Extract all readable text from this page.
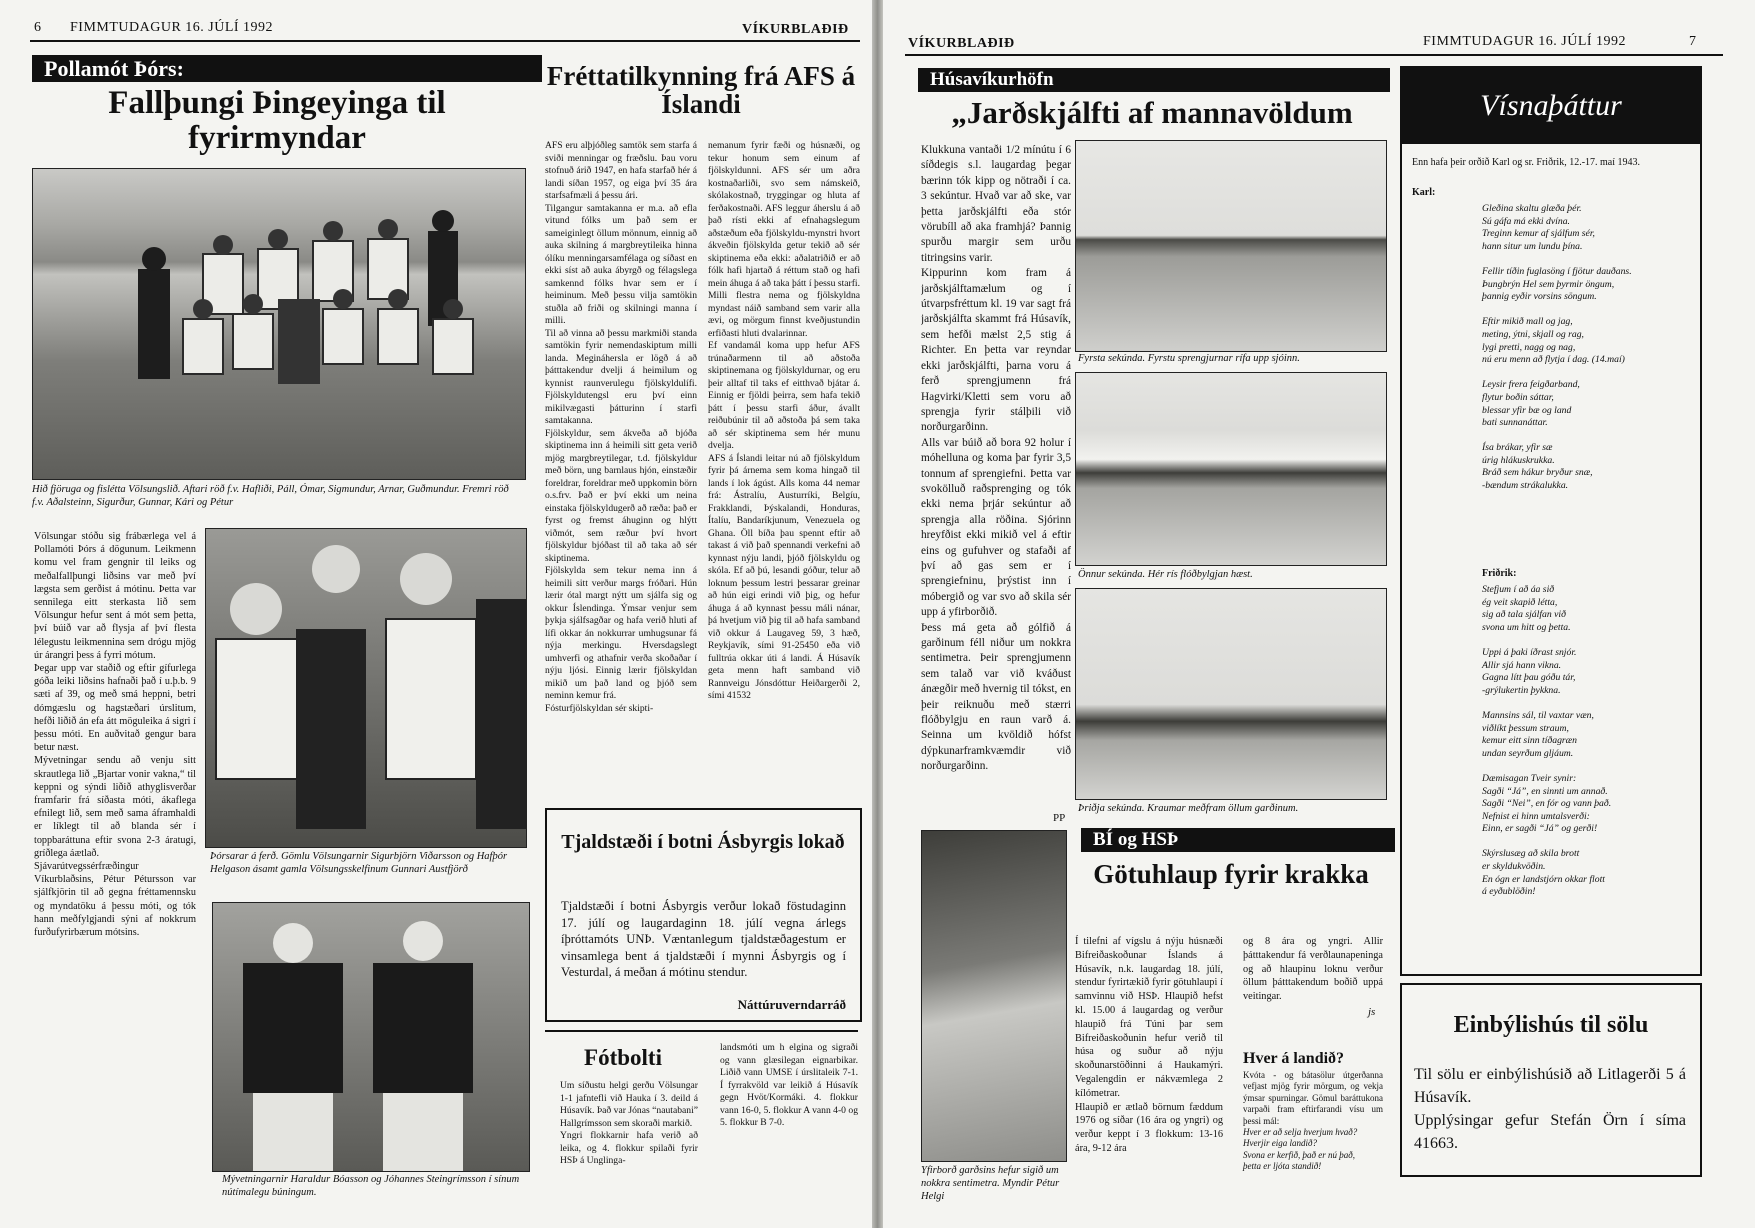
6 FIMMTUDAGUR 16. JÚLÍ 1992	VÍKURBLAÐIÐ
Pollamót Þórs:
Fallþungi Þingeyinga til fyrirmyndar
Hið fjöruga og fisléttа Völsungslið. Aftari röð f.v. Hafliði, Páll, Ómar, Sigmundur, Arnar, Guðmundur. Fremri röð f.v. Aðalsteinn, Sigurður, Gunnar, Kári og Pétur
Völsungar stóðu sig frábærlega vel á Pollamóti Þórs á dögunum. Leikmenn komu vel fram gengnir til leiks og meðalfallþungi liðsins var með því lægsta sem gerðist á mótinu. Þetta var sennilega eitt sterkasta lið sem Völsungur hefur sent á mót sem þetta, því búið var að flysja af því flesta lélegustu leikmennina sem drógu mjög úr árangri þess á fyrri mótum.
Þegar upp var staðið og eftir gífurlega góða leiki liðsins hafnaði það í u.þ.b. 9 sæti af 39, og með smá heppni, betri dómgæslu og hagstæðari úrslitum, hefði liðið án efa átt möguleika á sigri í þessu móti. En auðvitað gengur bara betur næst.
Mývetningar sendu að venju sitt skrautlega lið „Bjartar vonir vakna,“ til keppni og sýndi liðið athyglisverðar framfarir frá síðasta móti, ákaflega efnilegt lið, sem með sama áframhaldi er líklegt til að blanda sér í toppbaráttuna eftir svona 2-3 áratugi, gríðlega áætlað.
Sjávarútvegssérfræðingur Víkurblaðsins, Pétur Pétursson var sjálfkjörin til að gegna fréttamennsku og myndatöku á þessu móti, og tók hann meðfylgjandi sýni af nokkrum furðufyrirbærum mótsins.
Þórsarar á ferð. Gömlu Völsungarnir Sigurbjörn Viðarsson og Hafþór Helgason ásamt gamla Völsungsskelfinum Gunnari Austfjörð
Mývetningarnir Haraldur Bóasson og Jóhannes Steingrímsson í sínum nútímalegu búningum.
Fréttatilkynning frá AFS á Íslandi
AFS eru alþjóðleg samtök sem starfa á sviði menningar og fræðslu. Þau voru stofnuð árið 1947, en hafa starfað hér á landi síðan 1957, og eiga því 35 ára starfsafmæli á þessu ári.
Tilgangur samtakanna er m.a. að efla vitund fólks um það sem er sameiginlegt öllum mönnum, einnig að auka skilning á margbreytileika hinna ólíku menningarsamfélaga og síðast en ekki síst að auka ábyrgð og félagslega samkennd fólks hvar sem er í heiminum. Með þessu vilja samtökin stuðla að friði og skilningi manna í milli.
Til að vinna að þessu markmiði standa samtökin fyrir nemendaskiptum milli landa. Megináhersla er lögð á að þátttakendur dvelji á heimilum og kynnist raunverulegu fjölskyldulífi. Fjölskyldutengsl eru því einn mikilvægasti þátturinn í starfi samtakanna.
Fjölskyldur, sem ákveða að bjóða skiptinema inn á heimili sitt geta verið mjög margbreytilegar, t.d. fjölskyldur með börn, ung barnlaus hjón, einstæðir foreldrar, foreldrar með uppkomin börn o.s.frv. Það er því ekki um neina einstaka fjölskyldugerð að ræða: það er fyrst og fremst áhuginn og hlýtt viðmót, sem ræður því hvort fjölskyldur bjóðast til að taka að sér skiptinema.
Fjölskylda sem tekur nema inn á heimili sitt verður margs fróðari. Hún lærir ótal margt nýtt um sjálfa sig og okkur Íslendinga. Ýmsar venjur sem þykja sjálfsagðar og hafa verið hluti af lífi okkar án nokkurrar umhugsunar fá nýja merkingu. Hversdagslegt umhverfi og athafnir verða skoðaðar í nýju ljósi. Einnig lærir fjölskyldan mikið um það land og þjóð sem neminn kemur frá.
Fósturfjölskyldan sér skipti-
nemanum fyrir fæði og húsnæði, og tekur honum sem einum af fjölskyldunni. AFS sér um aðra kostnaðarliði, svo sem námskeið, skólakostnað, tryggingar og hluta af ferðakostnaði. AFS leggur áherslu á að það rísti ekki af efnahagslegum aðstæðum eða fjölskyldu-mynstri hvort ákveðin fjölskylda getur tekið að sér skiptinema eða ekki: aðalatriðið er að fólk hafi hjartað á réttum stað og hafi mein áhuga á að taka þátt í þessu starfi. Milli flestra nema og fjölskyldna myndast náið samband sem varir alla ævi, og mörgum finnst kveðjustundin erfiðasti hluti dvalarinnar.
Ef vandamál koma upp hefur AFS trúnaðarmenn til að aðstoða skiptinemana og fjölskyldurnar, og eru þeir alltaf til taks ef eitthvað bjátar á. Einnig er fjöldi þeirra, sem hafa tekið þátt í þessu starfi áður, ávallt reiðubúnir til að aðstoða þá sem taka að sér skiptinema sem hér munu dvelja.
AFS á Íslandi leitar nú að fjölskyldum fyrir þá árnema sem koma hingað til lands í lok ágúst. Alls koma 44 nemar frá: Ástralíu, Austurríki, Belgíu, Frakklandi, Þýskalandi, Honduras, Ítalíu, Bandaríkjunum, Venezuela og Ghana. Öll bíða þau spennt eftir að takast á við það spennandi verkefni að kynnast nýju landi, þjóð fjölskyldu og skóla. Ef að þú, lesandi góður, telur að loknum þessum lestri þessarar greinar að hún eigi erindi við þig, og hefur áhuga á að kynnast þessu máli nánar, þá hvetjum við þig til að hafa samband við okkur á Laugaveg 59, 3 hæð, Reykjavík, sími 91-25450 eða við fulltrúa okkar úti á landi. Á Húsavík geta menn haft samband við Rannveigu Jónsdóttur Heiðargerði 2, sími 41532
Tjaldstæði í botni Ásbyrgis lokað
Tjaldstæði í botni Ásbyrgis verður lokað föstudaginn 17. júlí og laugardaginn 18. júlí vegna árlegs íþróttamóts UNÞ. Væntanlegum tjaldstæðagestum er vinsamlega bent á tjaldstæði í mynni Ásbyrgis og í Vesturdal, á meðan á mótinu stendur.
Náttúruverndarráð
Fótbolti
Um síðustu helgi gerðu Völsungar 1-1 jafntefli við Hauka í 3. deild á Húsavík. Það var Jónas “nautabani” Hallgrímsson sem skoraði markið.
Yngri flokkarnir hafa verið að leika, og 4. flokkur spilaði fyrir HSÞ á Unglinga-
landsmóti um h elgina og sigraði og vann glæsilegan eignarbikar. Liðið vann UMSE í úrslitaleik 7-1. Í fyrrakvöld var leikið á Húsavík gegn Hvöt/Kormáki. 4. flokkur vann 16-0, 5. flokkur A vann 4-0 og 5. flokkur B 7-0.
VÍKURBLAÐIÐ	FIMMTUDAGUR 16. JÚLÍ 1992	7
Húsavíkurhöfn
„Jarðskjálfti af mannavöldum
Klukkuna vantaði 1/2 mínútu í 6 síðdegis s.l. laugardag þegar bærinn tók kipp og nötraði í ca. 3 sekúntur. Hvað var að ske, var þetta jarðskjálfti eða stór vörubíll að aka framhjá? Þannig spurðu margir sem urðu titringsins varir.
Kippurinn kom fram á jarðskjálftamælum og í útvarpsfréttum kl. 19 var sagt frá jarðskjálfta skammt frá Húsavík, sem hefði mælst 2,5 stig á Richter. En þetta var reyndar ekki jarðskjálfti, þarna voru á ferð sprengjumenn frá Hagvirki/Kletti sem voru að sprengja fyrir stálþili við norðurgarðinn.
Alls var búið að bora 92 holur í móhelluna og koma þar fyrir 3,5 tonnum af sprengiefni. Þetta var svokölluð raðsprenging og tók ekki nema þrjár sekúntur að sprengja alla röðina. Sjórinn hreyfðist ekki mikið vel á eftir eins og gufuhver og stafaði af því að gas sem er í sprengiefninu, þrýstist inn í móbergið og var svo að skila sér upp á yfirborðið.
Þess má geta að gólfið á garðinum féll niður um nokkra sentimetra. Þeir sprengjumenn sem talað var við kváðust ánægðir með hvernig til tókst, en þeir reiknuðu með stærri flóðbylgju en raun varð á. Seinna um kvöldið hófst dýpkunarframkvæmdir við norðurgarðinn.
PP
Fyrsta sekúnda. Fyrstu sprengjurnar rífa upp sjóinn.
Önnur sekúnda. Hér rís flóðbylgjan hæst.
Þriðja sekúnda. Kraumar meðfram öllum garðinum.
Yfirborð garðsins hefur sigið um nokkra sentimetra. Myndir Pétur Helgi
BÍ og HSÞ
Götuhlaup fyrir krakka
Í tilefni af vígslu á nýju húsnæði Bifreiðaskoðunar Íslands á Húsavík, n.k. laugardag 18. júlí, stendur fyrirtækið fyrir götuhlaupi í samvinnu við HSÞ. Hlaupið hefst kl. 15.00 á laugardag og verður hlaupið frá Túni þar sem Bifreiðaskoðunin hefur verið til húsa og suður að nýju skoðunarstöðinni á Haukamýri. Vegalengdin er nákvæmlega 2 kílómetrar.
Hlaupið er ætlað börnum fæddum 1976 og síðar (16 ára og yngri) og verður keppt í 3 flokkum: 13-16 ára, 9-12 ára
og 8 ára og yngri. Allir þátttakendur fá verðlaunapeninga og að hlaupinu loknu verður öllum þátttakendum boðið uppá veitingar.
js
Hver á landið?
Kvóta - og bátasölur útgerðanna vefjast mjög fyrir mörgum, og vekja ýmsar spurningar. Gömul baráttukona varpaði fram eftirfarandi vísu um þessi mál:
Hver er að selja hverjum hvað?
Hverjir eiga landið?
Svona er kerfið, það er nú það,
þetta er ljóta standið!
Vísnaþáttur
Enn hafa þeir orðið Karl og sr. Friðrik, 12.-17. maí 1943.
Karl:
Gleðina skaltu glæða þér.
Sú gáfa má ekki dvína.
Treginn kemur af sjálfum sér,
hann situr um lundu þína.

Fellir tíðin fuglasöng í fjötur dauðans.
Þungbrýn Hel sem þyrmir öngum,
þannig eyðir vorsins söngum.

Eftir mikið mall og jag,
meting, ýtni, skjall og rag,
lygi pretti, nagg og nag,
nú eru menn að flytja í dag. (14.maí)

Leysir frera feigðarband,
flytur boðin sáttar,
blessar yfir bæ og land
bati sunnanáttar.

Ísa brákar, yfir sæ
úrig hlákuskrukka.
Bráð sem hákur bryður snæ,
-bændum strákalukka.
Friðrik:
Stefjum í að áa sið
ég veit skapið létta,
sig að tala sjálfan við
svona um hitt og þetta.

Uppi á þaki íðrast snjór.
Allir sjá hann vikna.
Gagna lítt þau góðu tár,
-grýlukertin þykkna.

Mannsins sál, til vaxtar væn,
viðlíkt þessum straum,
kemur eitt sinn tíðagræn
undan seyrðum gljáum.

Dæmisagan Tveir synir:
Sagði “Já”, en sinnti um annað.
Sagði “Nei”, en fór og vann það.
Nefnist ei hinn umtalsverði:
Einn, er sagði “Já” og gerði!

Skýrslusæg að skila brott
er skyldukvöðin.
En ógn er landstjórn okkar flott
á eyðublöðin!
Einbýlishús til sölu
Til sölu er einbýlishúsið að Litlagerði 5 á Húsavík.
Upplýsingar gefur Stefán Örn í síma 41663.
